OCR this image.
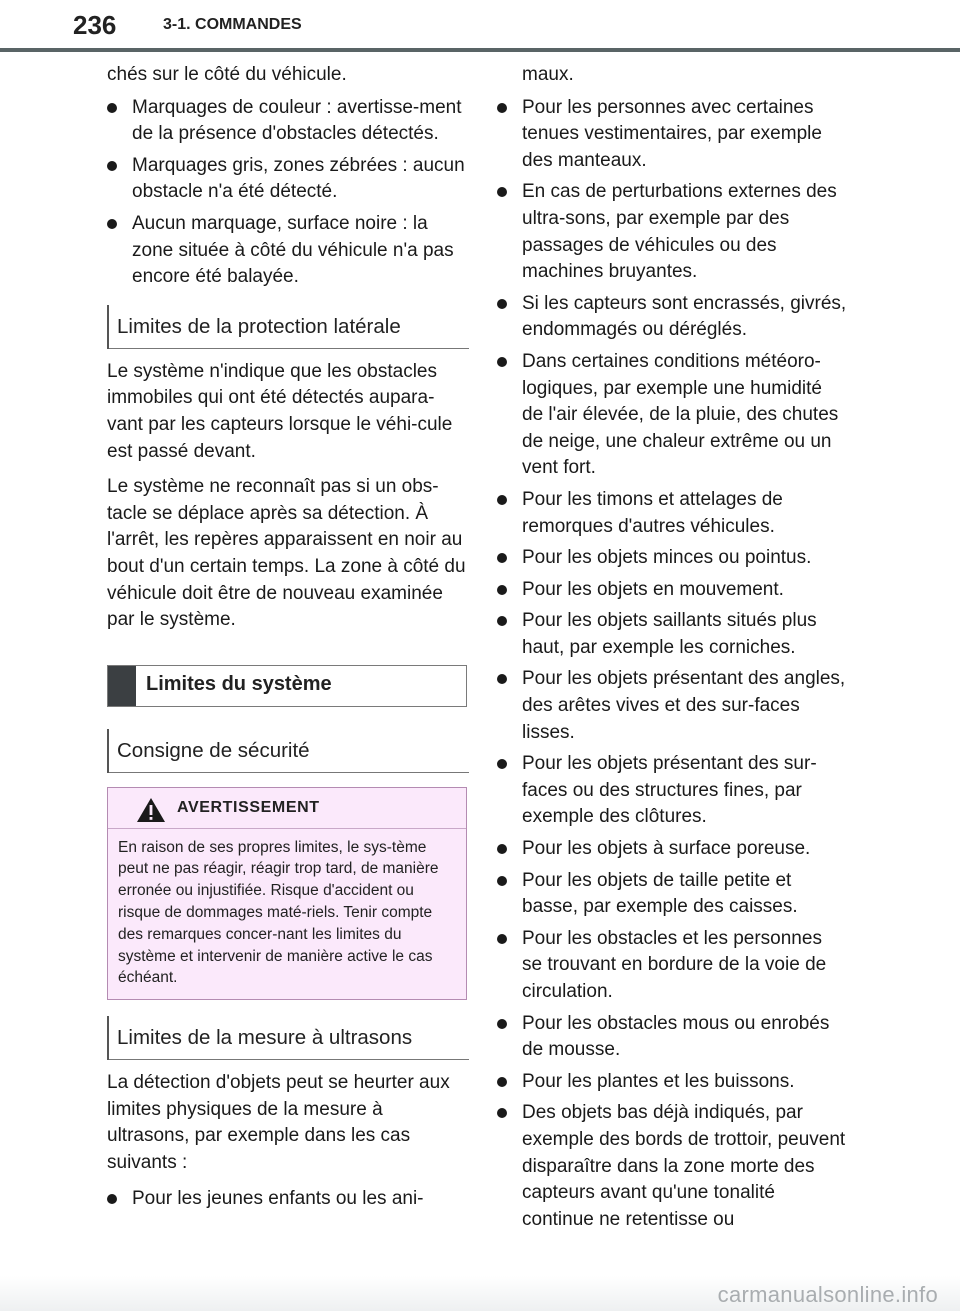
236	3-1. COMMANDES

chés sur le côté du véhicule.

Marquages de couleur : avertisse-ment de la présence d'obstacles détectés.
Marquages gris, zones zébrées : aucun obstacle n'a été détecté.
Aucun marquage, surface noire : la zone située à côté du véhicule n'a pas encore été balayée.
Limites de la protection latérale

Le système n'indique que les obstacles immobiles qui ont été détectés aupara-vant par les capteurs lorsque le véhi-cule est passé devant.

Le système ne reconnaît pas si un obs-tacle se déplace après sa détection. À l'arrêt, les repères apparaissent en noir au bout d'un certain temps. La zone à côté du véhicule doit être de nouveau examinée par le système.

Limites du système
Consigne de sécurité
AVERTISSEMENT
En raison de ses propres limites, le sys-tème peut ne pas réagir, réagir trop tard, de manière erronée ou injustifiée. Risque d'accident ou risque de dommages maté-riels. Tenir compte des remarques concer-nant les limites du système et intervenir de manière active le cas échéant.
Limites de la mesure à ultrasons

La détection d'objets peut se heurter aux limites physiques de la mesure à ultrasons, par exemple dans les cas suivants :

Pour les jeunes enfants ou les ani-

maux.

Pour les personnes avec certaines tenues vestimentaires, par exemple des manteaux.
En cas de perturbations externes des ultra-sons, par exemple par des passages de véhicules ou des machines bruyantes.
Si les capteurs sont encrassés, givrés, endommagés ou déréglés.
Dans certaines conditions météoro-logiques, par exemple une humidité de l'air élevée, de la pluie, des chutes de neige, une chaleur extrême ou un vent fort.
Pour les timons et attelages de remorques d'autres véhicules.
Pour les objets minces ou pointus.
Pour les objets en mouvement.
Pour les objets saillants situés plus haut, par exemple les corniches.
Pour les objets présentant des angles, des arêtes vives et des sur-faces lisses.
Pour les objets présentant des sur-faces ou des structures fines, par exemple des clôtures.
Pour les objets à surface poreuse.
Pour les objets de taille petite et basse, par exemple des caisses.
Pour les obstacles et les personnes se trouvant en bordure de la voie de circulation.
Pour les obstacles mous ou enrobés de mousse.
Pour les plantes et les buissons.
Des objets bas déjà indiqués, par exemple des bords de trottoir, peuvent disparaître dans la zone morte des capteurs avant qu'une tonalité continue ne retentisse ou
carmanualsonline.info
